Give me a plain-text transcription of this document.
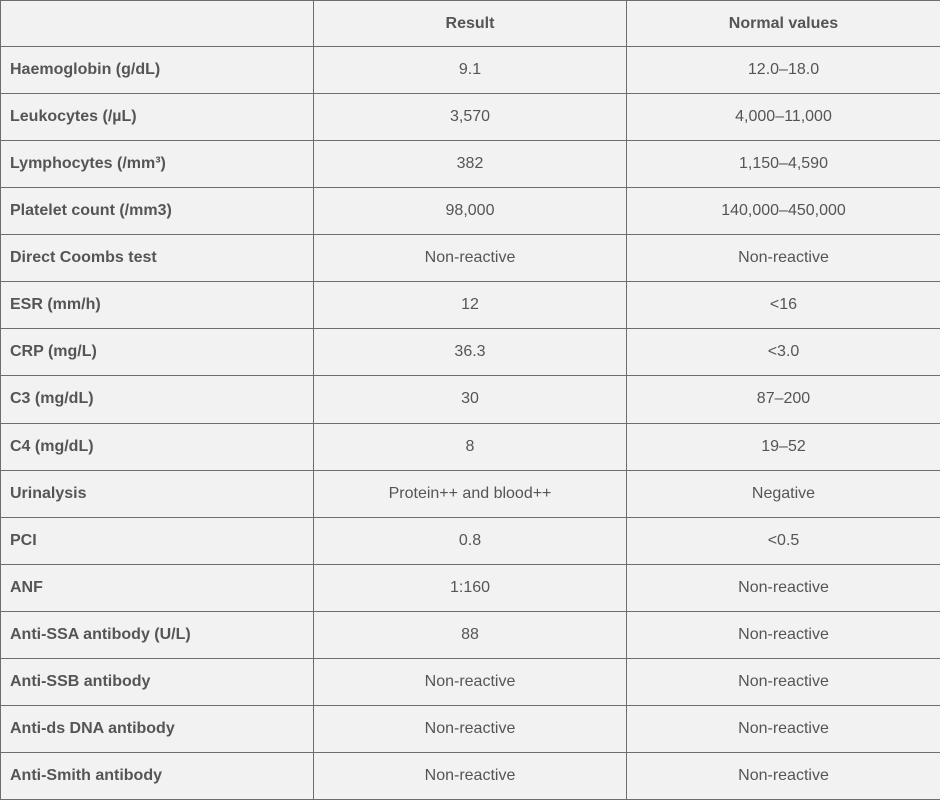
	Result	Normal values
Haemoglobin (g/dL)	9.1	12.0–18.0
Leukocytes (/µL)	3,570	4,000–11,000
Lymphocytes (/mm³)	382	1,150–4,590
Platelet count (/mm3)	98,000	140,000–450,000
Direct Coombs test	Non-reactive	Non-reactive
ESR (mm/h)	12	<16
CRP (mg/L)	36.3	<3.0
C3 (mg/dL)	30	87–200
C4 (mg/dL)	8	19–52
Urinalysis	Protein++ and blood++	Negative
PCI	0.8	<0.5
ANF	1:160	Non-reactive
Anti-SSA antibody (U/L)	88	Non-reactive
Anti-SSB antibody	Non-reactive	Non-reactive
Anti-ds DNA antibody	Non-reactive	Non-reactive
Anti-Smith antibody	Non-reactive	Non-reactive
